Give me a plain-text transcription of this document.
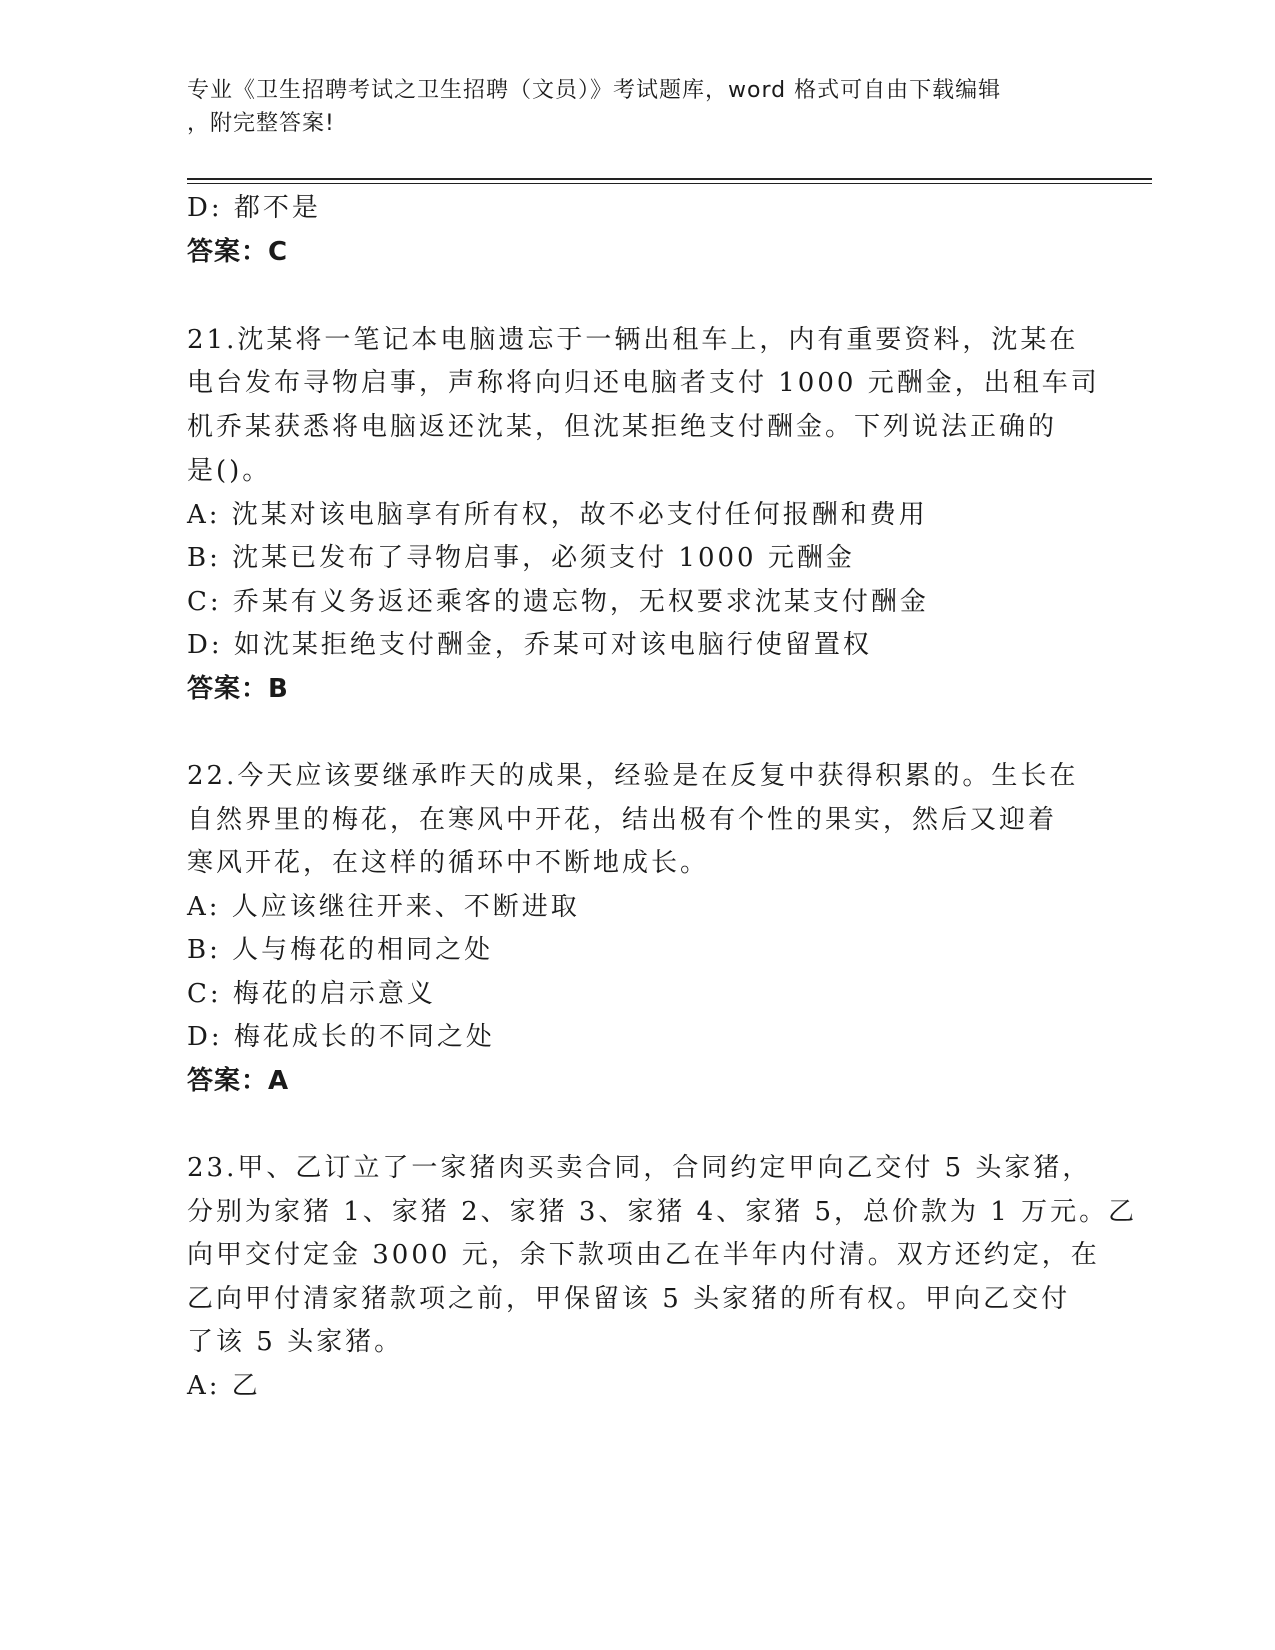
专业《卫生招聘考试之卫生招聘（文员）》考试题库，word 格式可自由下载编辑
，附完整答案!
D: 都不是
答案：C
21.沈某将一笔记本电脑遗忘于一辆出租车上，内有重要资料，沈某在
电台发布寻物启事，声称将向归还电脑者支付 1000 元酬金，出租车司
机乔某获悉将电脑返还沈某，但沈某拒绝支付酬金。下列说法正确的
是()。
A: 沈某对该电脑享有所有权，故不必支付任何报酬和费用
B: 沈某已发布了寻物启事，必须支付 1000 元酬金
C: 乔某有义务返还乘客的遗忘物，无权要求沈某支付酬金
D: 如沈某拒绝支付酬金，乔某可对该电脑行使留置权
答案：B
22.今天应该要继承昨天的成果，经验是在反复中获得积累的。生长在
自然界里的梅花，在寒风中开花，结出极有个性的果实，然后又迎着
寒风开花，在这样的循环中不断地成长。
A: 人应该继往开来、不断进取
B: 人与梅花的相同之处
C: 梅花的启示意义
D: 梅花成长的不同之处
答案：A
23.甲、乙订立了一家猪肉买卖合同，合同约定甲向乙交付 5 头家猪，
分别为家猪 1、家猪 2、家猪 3、家猪 4、家猪 5，总价款为 1 万元。乙
向甲交付定金 3000 元，余下款项由乙在半年内付清。双方还约定，在
乙向甲付清家猪款项之前，甲保留该 5 头家猪的所有权。甲向乙交付
了该 5 头家猪。
A: 乙
